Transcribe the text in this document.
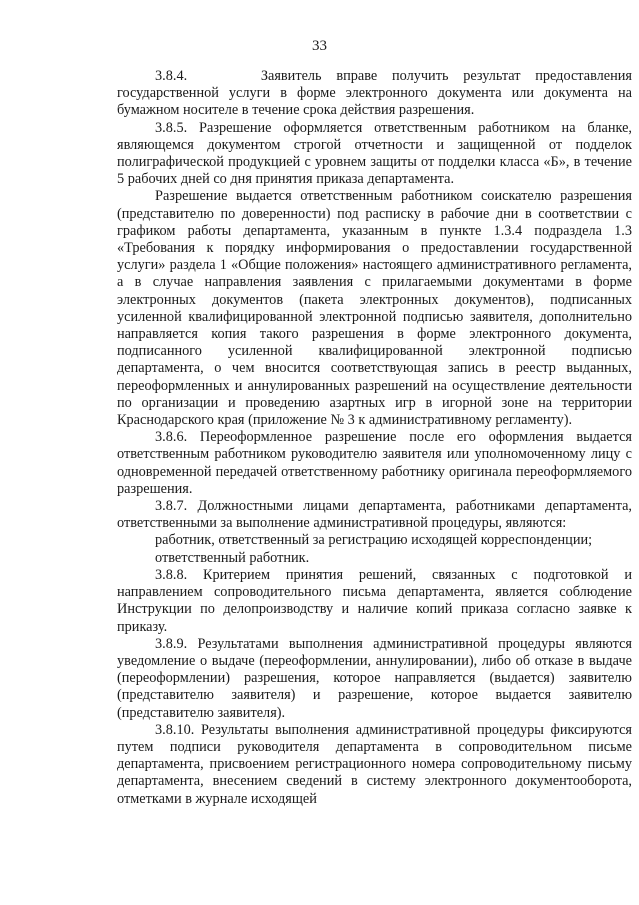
33

3.8.4.     Заявитель вправе получить результат предоставления государственной услуги в форме электронного документа или документа на бумажном носителе в течение срока действия разрешения.

3.8.5. Разрешение оформляется ответственным работником на бланке, являющемся документом строгой отчетности и защищенной от подделок полиграфической продукцией с уровнем защиты от подделки класса «Б», в течение 5 рабочих дней со дня принятия приказа департамента.

Разрешение выдается ответственным работником соискателю разрешения (представителю по доверенности) под расписку в рабочие дни в соответствии с графиком работы департамента, указанным в пункте 1.3.4 подраздела 1.3 «Требования к порядку информирования о предоставлении государственной услуги» раздела 1 «Общие положения» настоящего административного регламента, а в случае направления заявления с прилагаемыми документами в форме электронных документов (пакета электронных документов), подписанных усиленной квалифицированной электронной подписью заявителя, дополнительно направляется копия такого разрешения в форме электронного документа, подписанного усиленной квалифицированной электронной подписью департамента, о чем вносится соответствующая запись в реестр выданных, переоформленных и аннулированных разрешений на осуществление деятельности по организации и проведению азартных игр в игорной зоне на территории Краснодарского края (приложение № 3 к административному регламенту).

3.8.6. Переоформленное разрешение после его оформления выдается ответственным работником руководителю заявителя или уполномоченному лицу с одновременной передачей ответственному работнику оригинала переоформляемого разрешения.

3.8.7. Должностными лицами департамента, работниками департамента, ответственными за выполнение административной процедуры, являются:

работник, ответственный за регистрацию исходящей корреспонденции;

ответственный работник.

3.8.8. Критерием принятия решений, связанных с подготовкой и направлением сопроводительного письма департамента, является соблюдение Инструкции по делопроизводству и наличие копий приказа согласно заявке к приказу.

3.8.9. Результатами выполнения административной процедуры являются уведомление о выдаче (переоформлении, аннулировании), либо об отказе в выдаче (переоформлении) разрешения, которое направляется (выдается) заявителю (представителю заявителя) и разрешение, которое выдается заявителю (представителю заявителя).

3.8.10. Результаты выполнения административной процедуры фиксируются путем подписи руководителя департамента в сопроводительном письме департамента, присвоением регистрационного номера сопроводительному письму департамента, внесением сведений в систему электронного документооборота, отметками в журнале исходящей
